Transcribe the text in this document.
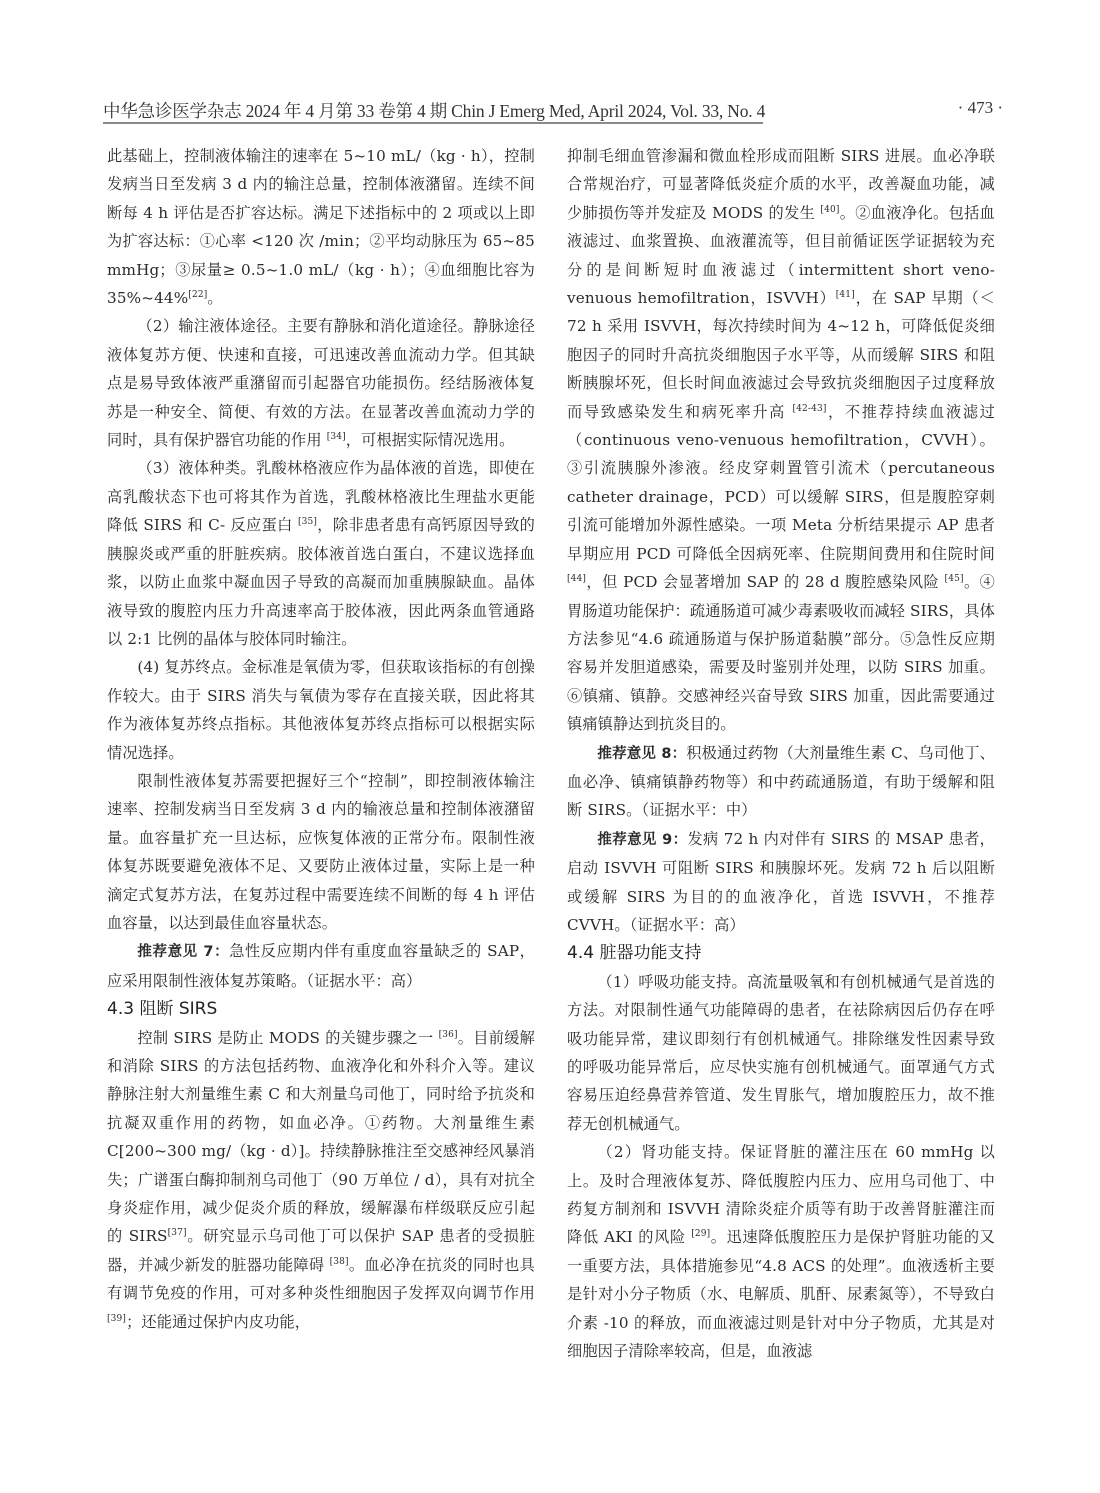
中华急诊医学杂志 2024 年 4 月第 33 卷第 4 期 Chin J Emerg Med, April 2024, Vol. 33, No. 4	· 473 ·

此基础上，控制液体输注的速率在 5~10 mL/（kg · h），控制发病当日至发病 3 d 内的输注总量，控制体液潴留。连续不间断每 4 h 评估是否扩容达标。满足下述指标中的 2 项或以上即为扩容达标：①心率 <120 次 /min；②平均动脉压为 65~85 mmHg；③尿量≥ 0.5~1.0 mL/（kg · h）；④血细胞比容为 35%~44%[22]。

（2）输注液体途径。主要有静脉和消化道途径。静脉途径液体复苏方便、快速和直接，可迅速改善血流动力学。但其缺点是易导致体液严重潴留而引起器官功能损伤。经结肠液体复苏是一种安全、简便、有效的方法。在显著改善血流动力学的同时，具有保护器官功能的作用 [34]，可根据实际情况选用。

（3）液体种类。乳酸林格液应作为晶体液的首选，即使在高乳酸状态下也可将其作为首选，乳酸林格液比生理盐水更能降低 SIRS 和 C- 反应蛋白 [35]，除非患者患有高钙原因导致的胰腺炎或严重的肝脏疾病。胶体液首选白蛋白，不建议选择血浆，以防止血浆中凝血因子导致的高凝而加重胰腺缺血。晶体液导致的腹腔内压力升高速率高于胶体液，因此两条血管通路以 2:1 比例的晶体与胶体同时输注。

(4) 复苏终点。金标准是氧债为零，但获取该指标的有创操作较大。由于 SIRS 消失与氧债为零存在直接关联，因此将其作为液体复苏终点指标。其他液体复苏终点指标可以根据实际情况选择。

限制性液体复苏需要把握好三个“控制”，即控制液体输注速率、控制发病当日至发病 3 d 内的输液总量和控制体液潴留量。血容量扩充一旦达标，应恢复体液的正常分布。限制性液体复苏既要避免液体不足、又要防止液体过量，实际上是一种滴定式复苏方法，在复苏过程中需要连续不间断的每 4 h 评估血容量，以达到最佳血容量状态。

推荐意见 7：急性反应期内伴有重度血容量缺乏的 SAP，应采用限制性液体复苏策略。（证据水平：高）

4.3 阻断 SIRS

控制 SIRS 是防止 MODS 的关键步骤之一 [36]。目前缓解和消除 SIRS 的方法包括药物、血液净化和外科介入等。建议静脉注射大剂量维生素 C 和大剂量乌司他丁，同时给予抗炎和抗凝双重作用的药物，如血必净。①药物。大剂量维生素 C[200~300 mg/（kg · d）]。持续静脉推注至交感神经风暴消失；广谱蛋白酶抑制剂乌司他丁（90 万单位 / d），具有对抗全身炎症作用，减少促炎介质的释放，缓解瀑布样级联反应引起的 SIRS[37]。研究显示乌司他丁可以保护 SAP 患者的受损脏器，并减少新发的脏器功能障碍 [38]。血必净在抗炎的同时也具有调节免疫的作用，可对多种炎性细胞因子发挥双向调节作用 [39]；还能通过保护内皮功能，

抑制毛细血管渗漏和微血栓形成而阻断 SIRS 进展。血必净联合常规治疗，可显著降低炎症介质的水平，改善凝血功能，减少肺损伤等并发症及 MODS 的发生 [40]。②血液净化。包括血液滤过、血浆置换、血液灌流等，但目前循证医学证据较为充分的是间断短时血液滤过（intermittent short veno-venuous hemofiltration，ISVVH）[41]，在 SAP 早期（＜ 72 h 采用 ISVVH，每次持续时间为 4~12 h，可降低促炎细胞因子的同时升高抗炎细胞因子水平等，从而缓解 SIRS 和阻断胰腺坏死，但长时间血液滤过会导致抗炎细胞因子过度释放而导致感染发生和病死率升高 [42-43]，不推荐持续血液滤过（continuous veno-venuous hemofiltration，CVVH）。③引流胰腺外渗液。经皮穿刺置管引流术（percutaneous catheter drainage，PCD）可以缓解 SIRS，但是腹腔穿刺引流可能增加外源性感染。一项 Meta 分析结果提示 AP 患者早期应用 PCD 可降低全因病死率、住院期间费用和住院时间 [44]，但 PCD 会显著增加 SAP 的 28 d 腹腔感染风险 [45]。④胃肠道功能保护：疏通肠道可减少毒素吸收而减轻 SIRS，具体方法参见“4.6 疏通肠道与保护肠道黏膜”部分。⑤急性反应期容易并发胆道感染，需要及时鉴别并处理，以防 SIRS 加重。⑥镇痛、镇静。交感神经兴奋导致 SIRS 加重，因此需要通过镇痛镇静达到抗炎目的。

推荐意见 8：积极通过药物（大剂量维生素 C、乌司他丁、血必净、镇痛镇静药物等）和中药疏通肠道，有助于缓解和阻断 SIRS。（证据水平：中）

推荐意见 9：发病 72 h 内对伴有 SIRS 的 MSAP 患者，启动 ISVVH 可阻断 SIRS 和胰腺坏死。发病 72 h 后以阻断或缓解 SIRS 为目的的血液净化，首选 ISVVH，不推荐 CVVH。（证据水平：高）

4.4 脏器功能支持

（1）呼吸功能支持。高流量吸氧和有创机械通气是首选的方法。对限制性通气功能障碍的患者，在祛除病因后仍存在呼吸功能异常，建议即刻行有创机械通气。排除继发性因素导致的呼吸功能异常后，应尽快实施有创机械通气。面罩通气方式容易压迫经鼻营养管道、发生胃胀气，增加腹腔压力，故不推荐无创机械通气。

（2）肾功能支持。保证肾脏的灌注压在 60 mmHg 以上。及时合理液体复苏、降低腹腔内压力、应用乌司他丁、中药复方制剂和 ISVVH 清除炎症介质等有助于改善肾脏灌注而降低 AKI 的风险 [29]。迅速降低腹腔压力是保护肾脏功能的又一重要方法，具体措施参见“4.8 ACS 的处理”。血液透析主要是针对小分子物质（水、电解质、肌酐、尿素氮等），不导致白介素 -10 的释放，而血液滤过则是针对中分子物质，尤其是对细胞因子清除率较高，但是，血液滤
